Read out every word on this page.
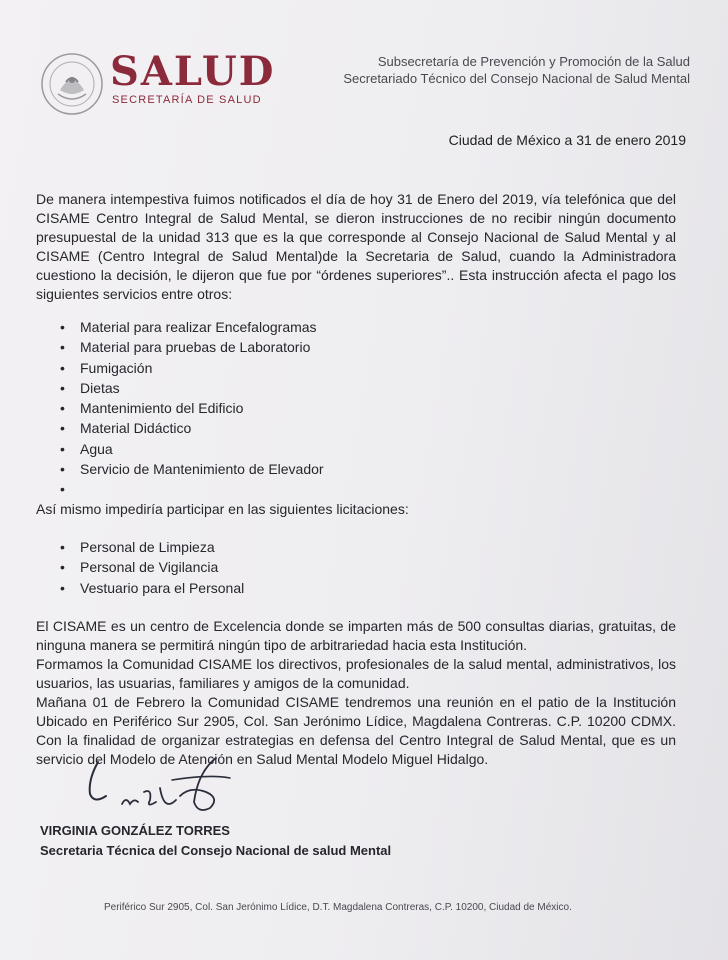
SALUD
SECRETARÍA DE SALUD
Subsecretaría de Prevención y Promoción de la Salud
Secretariado Técnico del Consejo Nacional de Salud Mental
Ciudad de México a 31 de enero 2019
De manera intempestiva fuimos notificados el día de hoy 31 de Enero del 2019, vía telefónica que del CISAME Centro Integral de Salud Mental, se dieron instrucciones de no recibir ningún documento presupuestal de la unidad 313 que es la que corresponde al Consejo Nacional de Salud Mental y al CISAME (Centro Integral de Salud Mental)de la Secretaria de Salud, cuando la Administradora cuestiono la decisión, le dijeron que fue por “órdenes superiores”.. Esta instrucción afecta el pago los siguientes servicios entre otros:
• Material para realizar Encefalogramas
• Material para pruebas de Laboratorio
• Fumigación
• Dietas
• Mantenimiento del Edificio
• Material Didáctico
• Agua
• Servicio de Mantenimiento de Elevador
•
Así mismo impediría participar en las siguientes licitaciones:
• Personal de Limpieza
• Personal de Vigilancia
• Vestuario para el Personal
El CISAME es un centro de Excelencia donde se imparten más de 500 consultas diarias, gratuitas, de ninguna manera se permitirá ningún tipo de arbitrariedad hacia esta Institución.
Formamos la Comunidad CISAME los directivos, profesionales de la salud mental, administrativos, los usuarios, las usuarias, familiares y amigos de la comunidad.
Mañana 01 de Febrero la Comunidad CISAME tendremos una reunión en el patio de la Institución Ubicado en Periférico Sur 2905, Col. San Jerónimo Lídice, Magdalena Contreras. C.P. 10200 CDMX. Con la finalidad de organizar estrategias en defensa del Centro Integral de Salud Mental, que es un servicio del Modelo de Atención en Salud Mental Modelo Miguel Hidalgo.
VIRGINIA GONZÁLEZ TORRES
Secretaria Técnica del Consejo Nacional de salud Mental
Periférico Sur 2905, Col. San Jerónimo Lídice, D.T. Magdalena Contreras, C.P. 10200, Ciudad de México.
